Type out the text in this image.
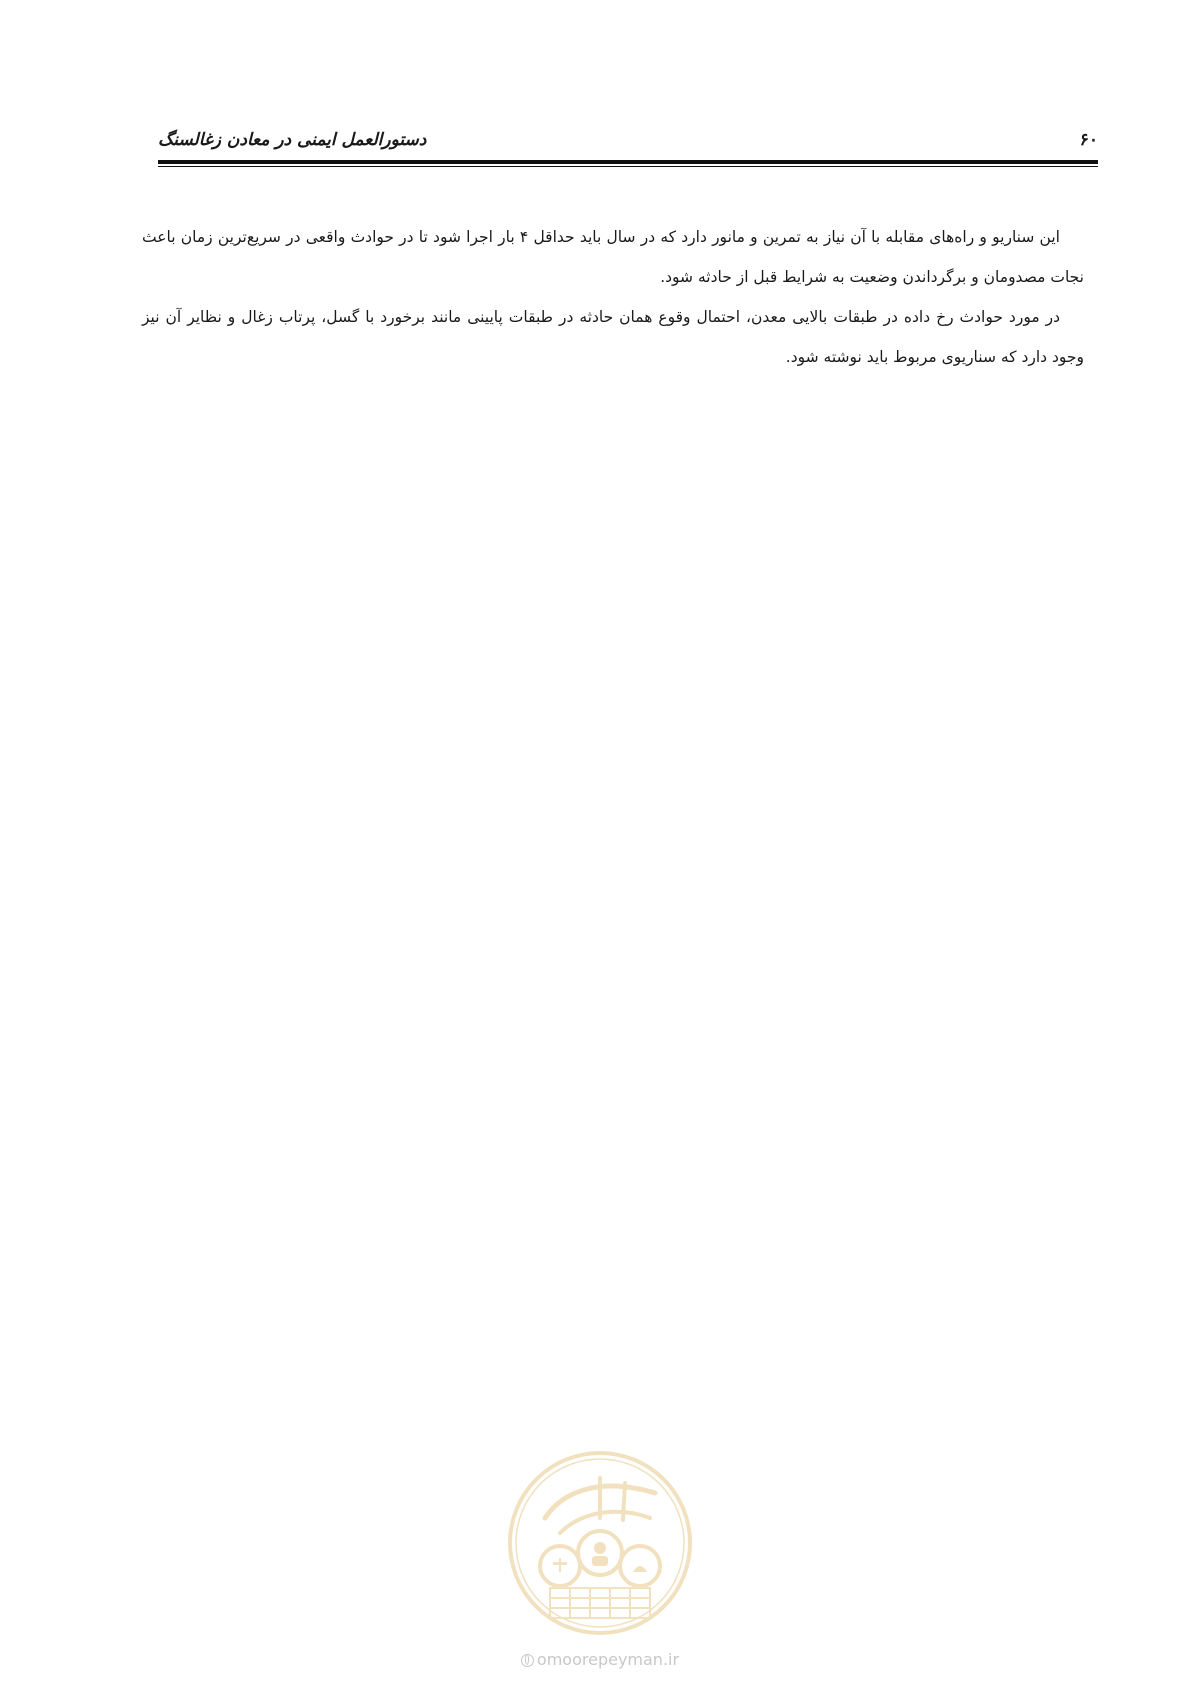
دستورالعمل ایمنی در معادن زغالسنگ	۶۰

این سناریو و راه‌های مقابله با آن نیاز به تمرین و مانور دارد که در سال باید حداقل ۴ بار اجرا شود تا در حوادث واقعی در سریع‌ترین زمان باعث نجات مصدومان و برگرداندن وضعیت به شرایط قبل از حادثه شود.

در مورد حوادث رخ داده در طبقات بالایی معدن، احتمال وقوع همان حادثه در طبقات پایینی مانند برخورد با گسل، پرتاب زغال و نظایر آن نیز وجود دارد که سناریوی مربوط باید نوشته شود.

omoorepeyman.ir
